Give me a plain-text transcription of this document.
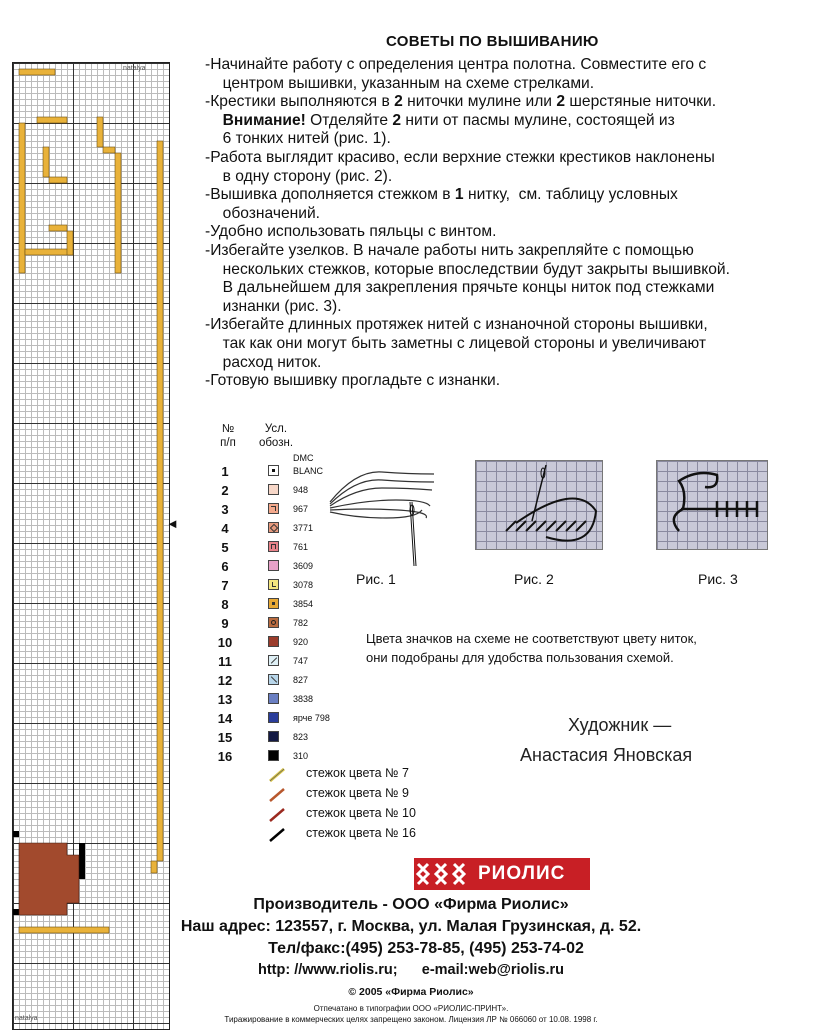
natalya
natalya
◄
СОВЕТЫ ПО ВЫШИВАНИЮ
-Начинайте работу с определения центра полотна. Совместите его с
центром вышивки, указанным на схеме стрелками.
-Крестики выполняются в 2 ниточки мулине или 2 шерстяные ниточки.
Внимание! Отделяйте 2 нити от пасмы мулине, состоящей из
6 тонких нитей (рис. 1).
-Работа выглядит красиво, если верхние стежки крестиков наклонены
в одну сторону (рис. 2).
-Вышивка дополняется стежком в 1 нитку,  см. таблицу условных
обозначений.
-Удобно использовать пяльцы с винтом.
-Избегайте узелков. В начале работы нить закрепляйте с помощью
нескольких стежков, которые впоследствии будут закрыты вышивкой.
В дальнейшем для закрепления прячьте концы ниток под стежками
изнанки (рис. 3).
-Избегайте длинных протяжек нитей с изнаночной стороны вышивки,
так как они могут быть заметны с лицевой стороны и увеличивают
расход ниток.
-Готовую вышивку прогладьте с изнанки.
№
п/п
Усл.
обозн.
DMC
1	BLANC
2	948
3	967
4	3771
5	761
6	3609
7	3078
8	3854
9	782
10	920
11	747
12	827
13	3838
14	ярче 798
15	823
16	310
стежок цвета № 7
стежок цвета № 9
стежок цвета № 10
стежок цвета № 16
Рис. 1	Рис. 2	Рис. 3
Цвета значков на схеме не соответствуют цвету ниток,
они подобраны для удобства пользования схемой.
Художник —
Анастасия Яновская
РИОЛИС
Производитель - ООО «Фирма Риолис»
Наш адрес: 123557, г. Москва, ул. Малая Грузинская, д. 52.
Тел/факс:(495) 253-78-85, (495) 253-74-02
http: //www.riolis.ru;      e-mail:web@riolis.ru
© 2005 «Фирма Риолис»
Отпечатано в типографии ООО «РИОЛИС-ПРИНТ».
Тиражирование в коммерческих целях запрещено законом. Лицензия ЛР № 066060 от 10.08. 1998 г.
